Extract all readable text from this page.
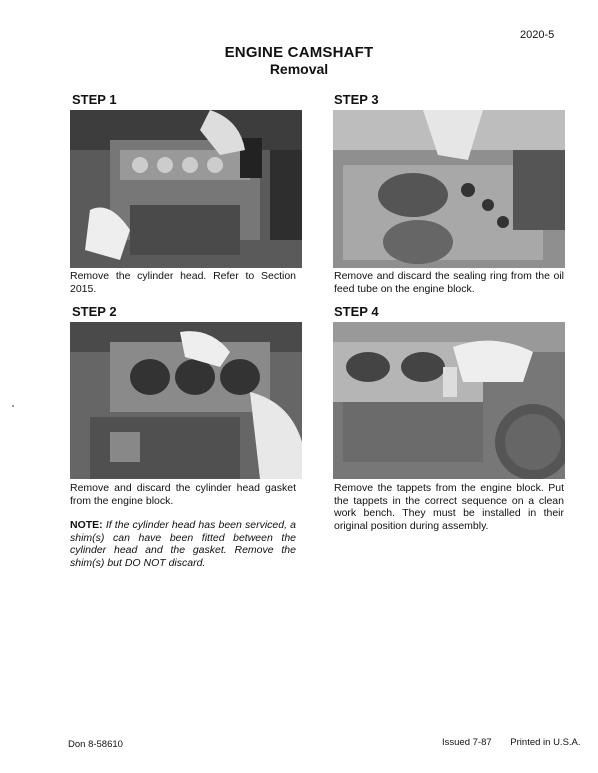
2020-5
ENGINE CAMSHAFT
Removal
STEP 1
Remove the cylinder head. Refer to Section 2015.
STEP 2
Remove and discard the cylinder head gasket from the engine block.
NOTE: If the cylinder head has been serviced, a shim(s) can have been fitted between the cylinder head and the gasket. Remove the shim(s) but DO NOT discard.
STEP 3
Remove and discard the sealing ring from the oil feed tube on the engine block.
STEP 4
Remove the tappets from the engine block. Put the tappets in the correct sequence on a clean work bench. They must be installed in their original position during assembly.
Don 8-58610	Issued 7-87 Printed in U.S.A.
